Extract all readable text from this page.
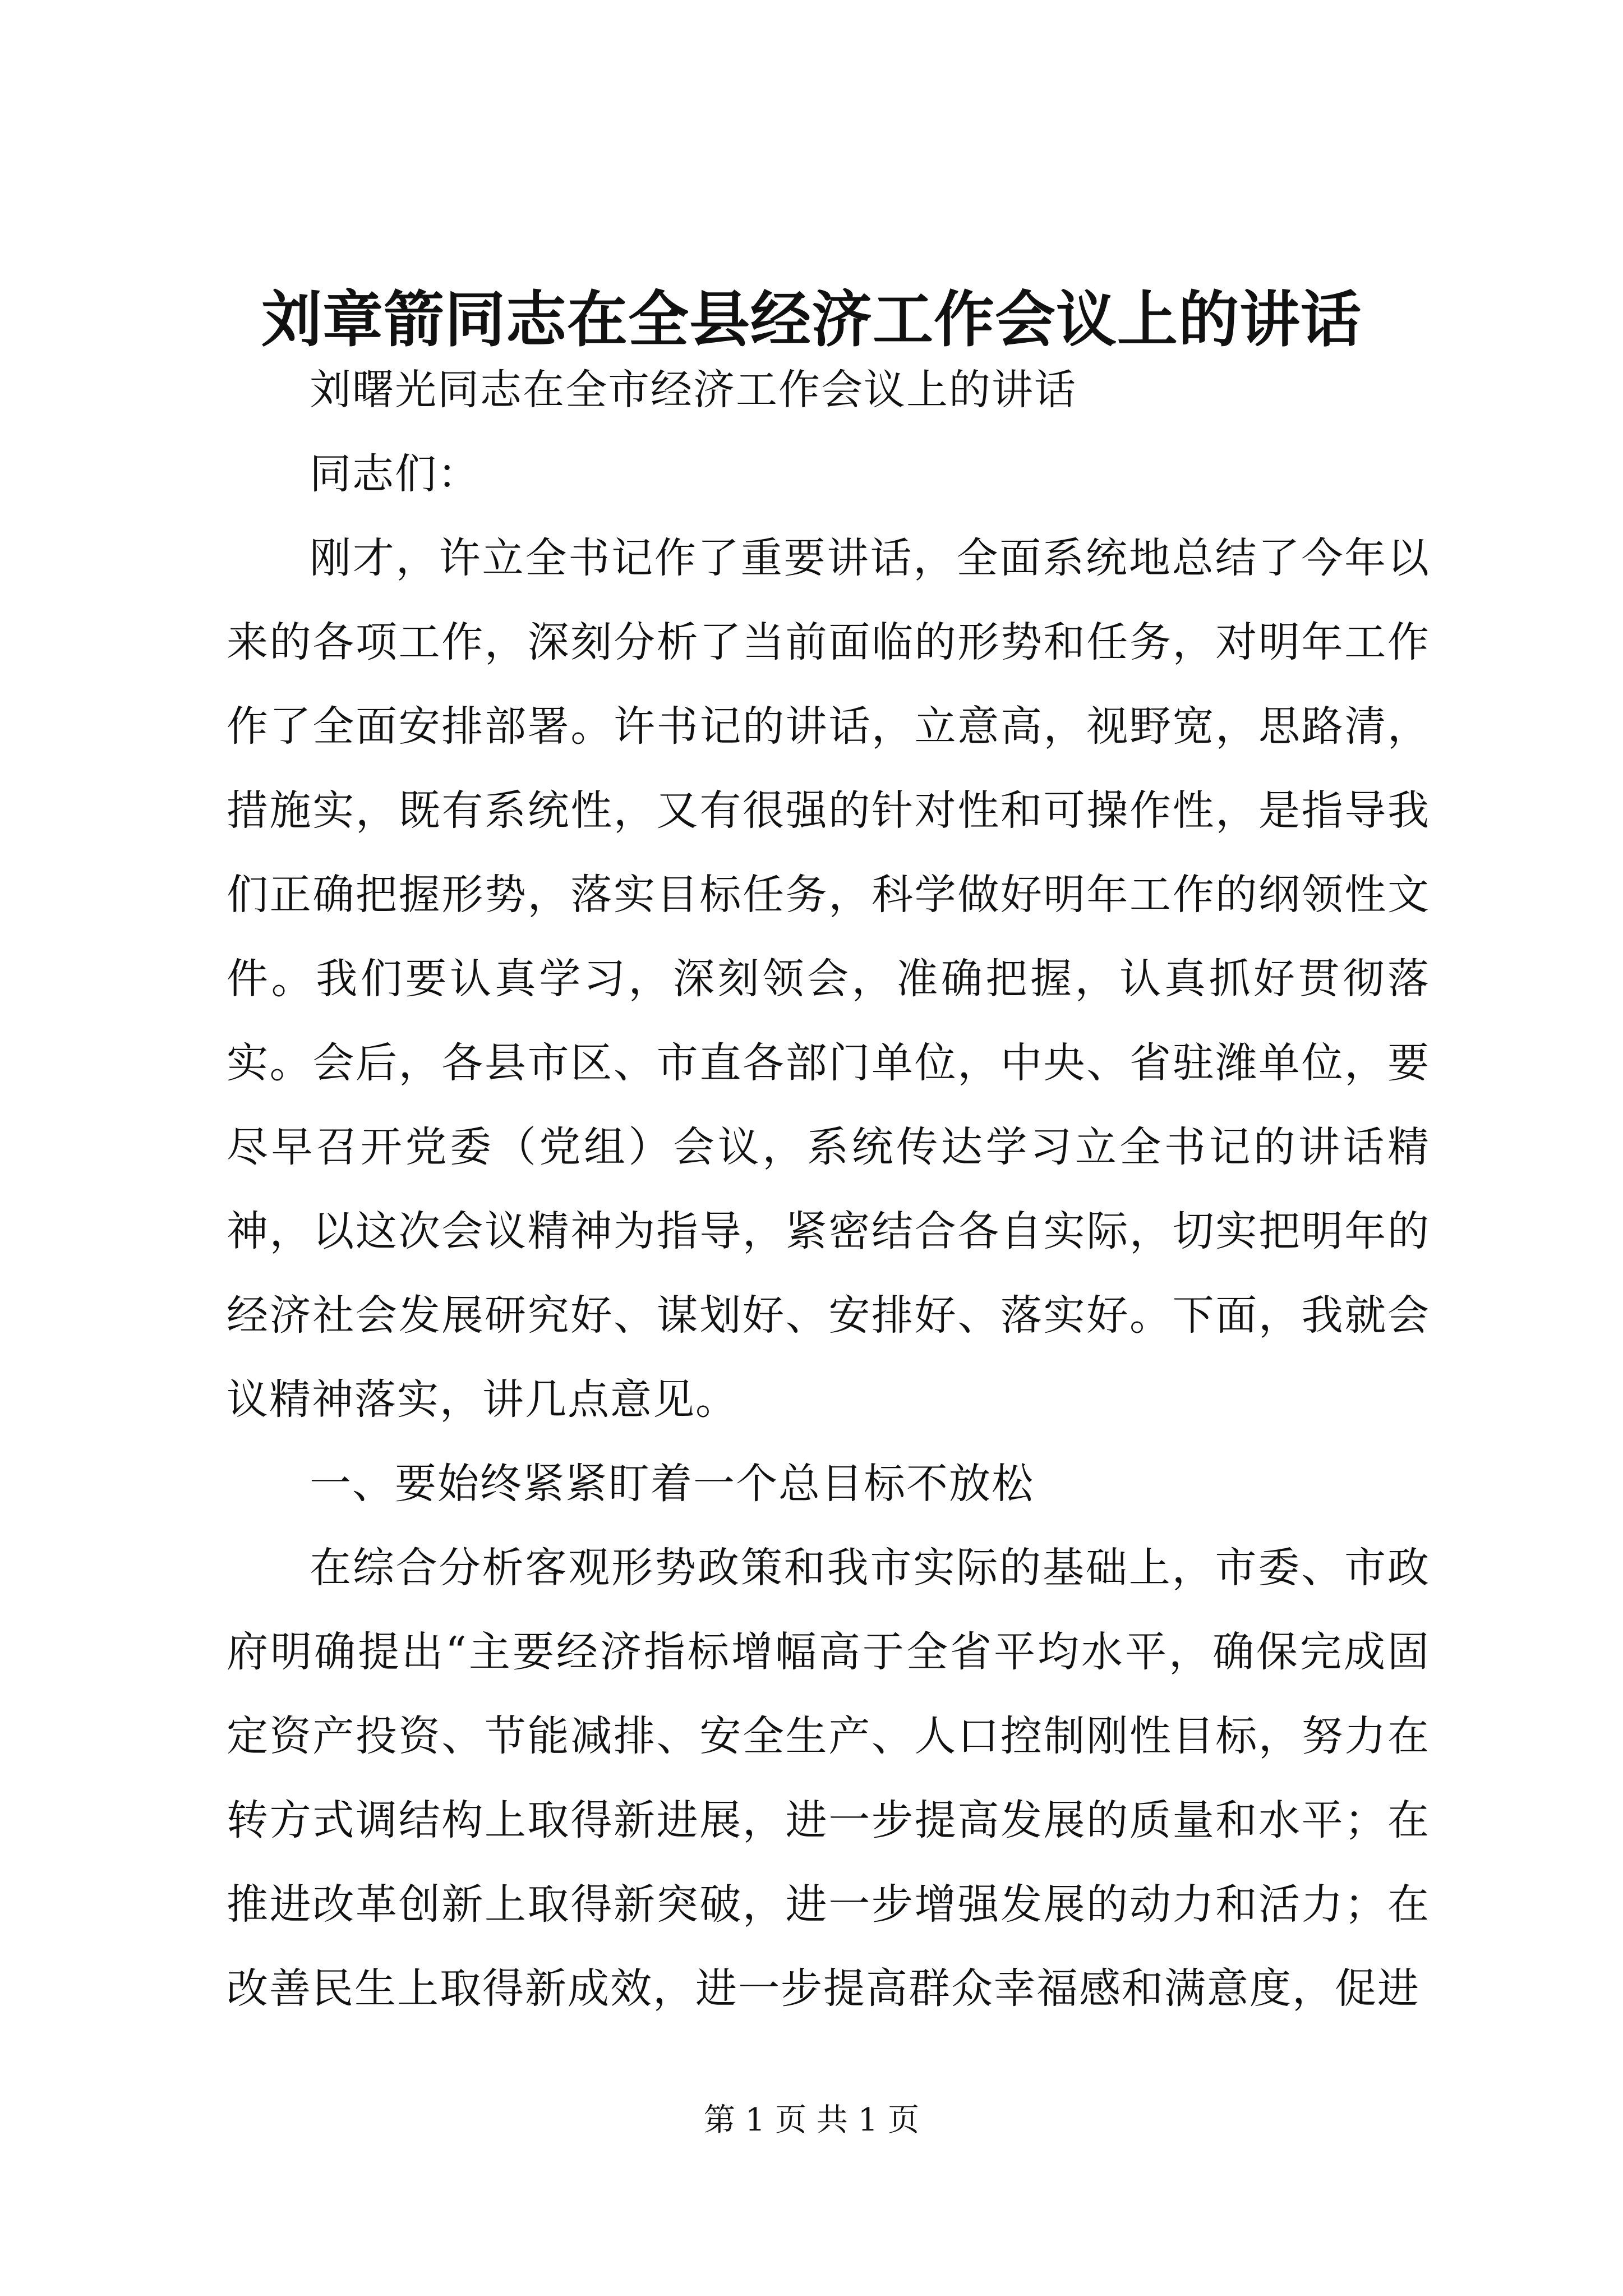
刘章箭同志在全县经济工作会议上的讲话

刘曙光同志在全市经济工作会议上的讲话

同志们：

刚才，许立全书记作了重要讲话，全面系统地总结了今年以来的各项工作，深刻分析了当前面临的形势和任务，对明年工作作了全面安排部署。许书记的讲话，立意高，视野宽，思路清，措施实，既有系统性，又有很强的针对性和可操作性，是指导我们正确把握形势，落实目标任务，科学做好明年工作的纲领性文件。我们要认真学习，深刻领会，准确把握，认真抓好贯彻落实。会后，各县市区、市直各部门单位，中央、省驻潍单位，要尽早召开党委（党组）会议，系统传达学习立全书记的讲话精神，以这次会议精神为指导，紧密结合各自实际，切实把明年的经济社会发展研究好、谋划好、安排好、落实好。下面，我就会议精神落实，讲几点意见。

一、要始终紧紧盯着一个总目标不放松

在综合分析客观形势政策和我市实际的基础上，市委、市政府明确提出“主要经济指标增幅高于全省平均水平，确保完成固定资产投资、节能减排、安全生产、人口控制刚性目标，努力在转方式调结构上取得新进展，进一步提高发展的质量和水平；在推进改革创新上取得新突破，进一步增强发展的动力和活力；在改善民生上取得新成效，进一步提高群众幸福感和满意度，促进

第 1 页 共 1 页
